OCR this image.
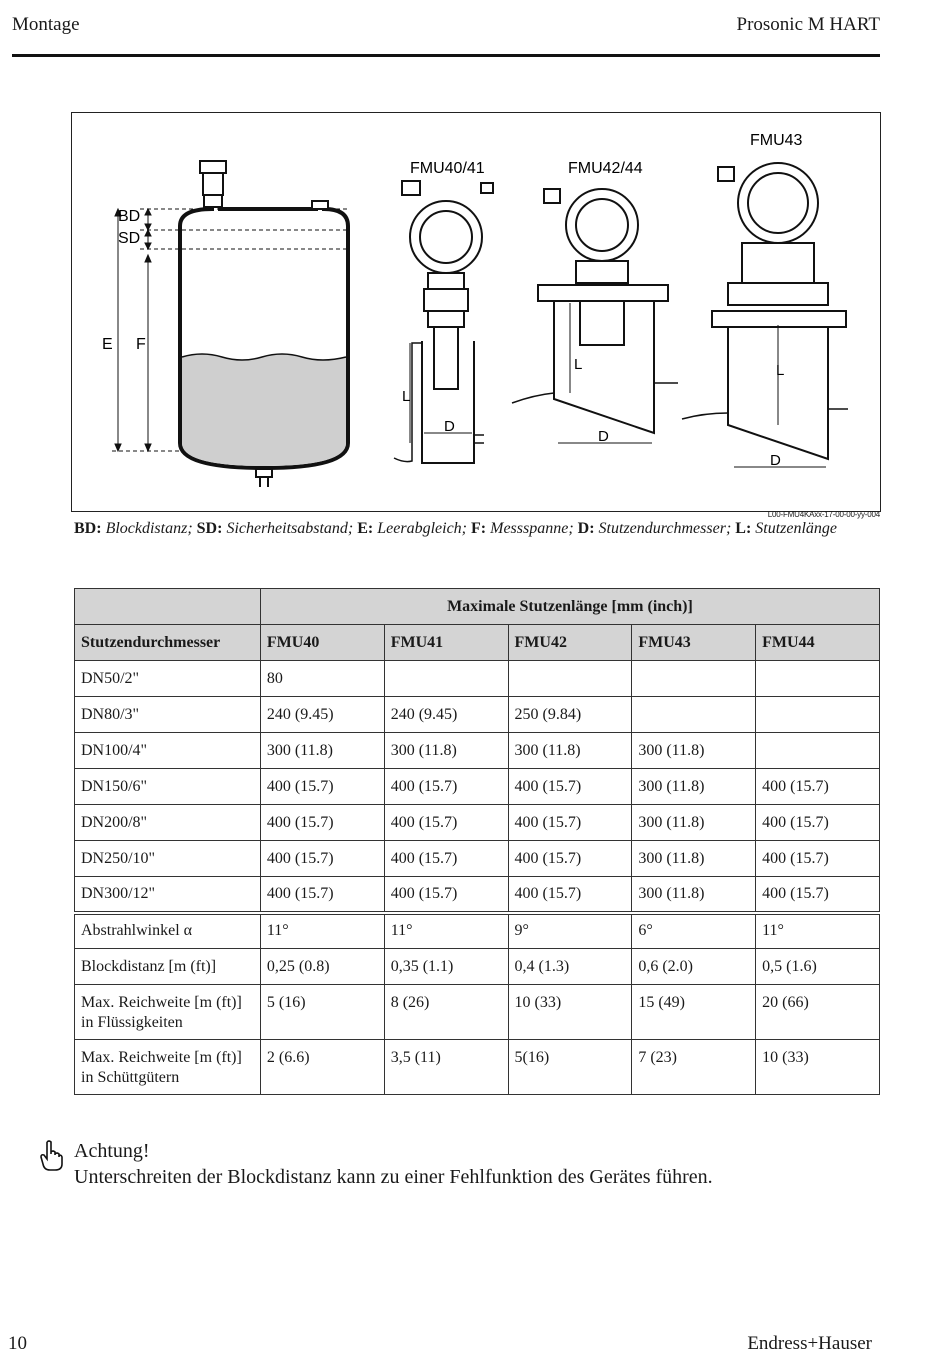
Montage	Prosonic M HART
BD
SD
E F
FMU40/41
L
D
FMU42/44
L
D
FMU43
L
D
L00-FMU4KAxx-17-00-00-yy-004
BD: Blockdistanz; SD: Sicherheitsabstand; E: Leerabgleich; F: Messspanne; D: Stutzendurchmesser; L: Stutzenlänge
	Maximale Stutzenlänge [mm (inch)]				
Stutzendurchmesser	FMU40	FMU41	FMU42	FMU43	FMU44
DN50/2"	80				
DN80/3"	240 (9.45)	240 (9.45)	250 (9.84)		
DN100/4"	300 (11.8)	300 (11.8)	300 (11.8)	300 (11.8)	
DN150/6"	400 (15.7)	400 (15.7)	400 (15.7)	300 (11.8)	400 (15.7)
DN200/8"	400 (15.7)	400 (15.7)	400 (15.7)	300 (11.8)	400 (15.7)
DN250/10"	400 (15.7)	400 (15.7)	400 (15.7)	300 (11.8)	400 (15.7)
DN300/12"	400 (15.7)	400 (15.7)	400 (15.7)	300 (11.8)	400 (15.7)
Abstrahlwinkel α	11°	11°	9°	6°	11°
Blockdistanz [m (ft)]	0,25 (0.8)	0,35 (1.1)	0,4 (1.3)	0,6 (2.0)	0,5 (1.6)
Max. Reichweite [m (ft)]
in Flüssigkeiten	5 (16)	8 (26)	10 (33)	15 (49)	20 (66)
Max. Reichweite [m (ft)]
in Schüttgütern	2 (6.6)	3,5 (11)	5(16)	7 (23)	10 (33)
Achtung!
Unterschreiten der Blockdistanz kann zu einer Fehlfunktion des Gerätes führen.
10	Endress+Hauser
